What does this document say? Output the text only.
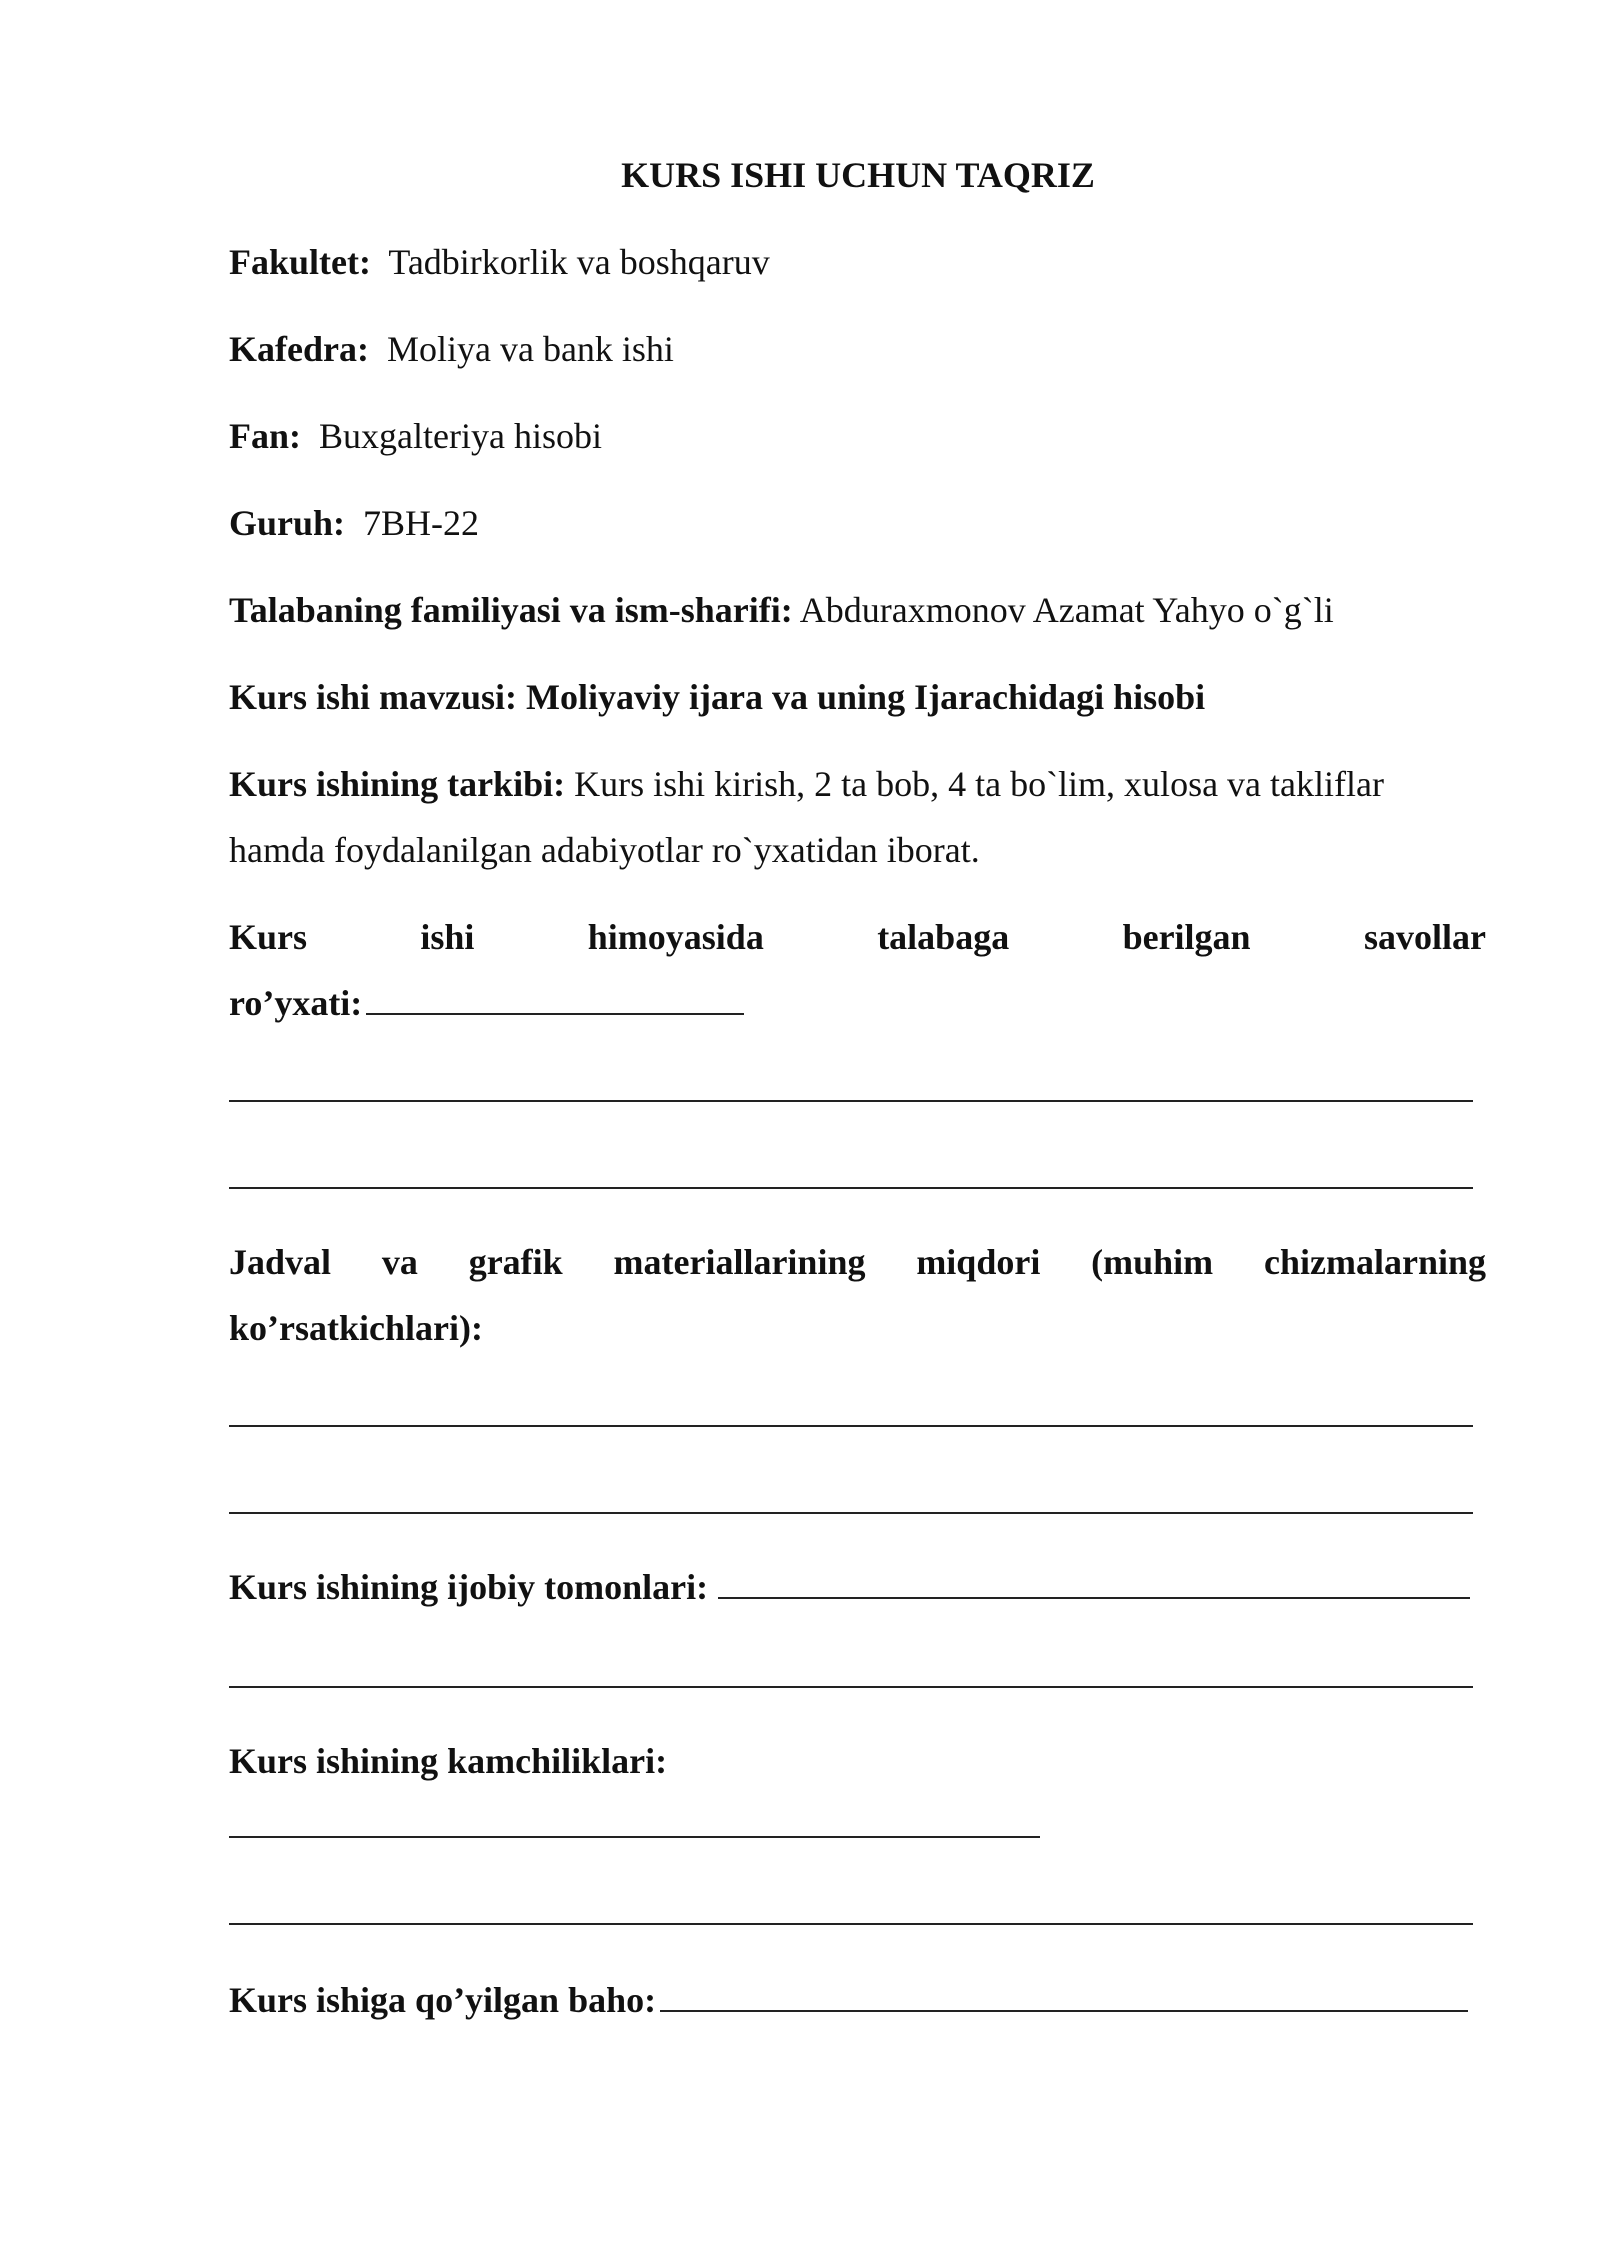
KURS ISHI UCHUN TAQRIZ
Fakultet: Tadbirkorlik va boshqaruv
Kafedra: Moliya va bank ishi
Fan: Buxgalteriya hisobi
Guruh: 7BH-22
Talabaning familiyasi va ism-sharifi: Abduraxmonov Azamat Yahyo o`g`li
Kurs ishi mavzusi: Moliyaviy ijara va uning Ijarachidagi hisobi
Kurs ishining tarkibi: Kurs ishi kirish, 2 ta bob, 4 ta bo`lim, xulosa va takliflar
hamda foydalanilgan adabiyotlar ro`yxatidan iborat.
Kurs	ishi	himoyasida	talabaga	berilgan	savollar
ro’yxati:
Jadval va grafik materiallarining miqdori (muhim chizmalarning
ko’rsatkichlari):
Kurs ishining ijobiy tomonlari:
Kurs ishining kamchiliklari:
Kurs ishiga qo’yilgan baho:
